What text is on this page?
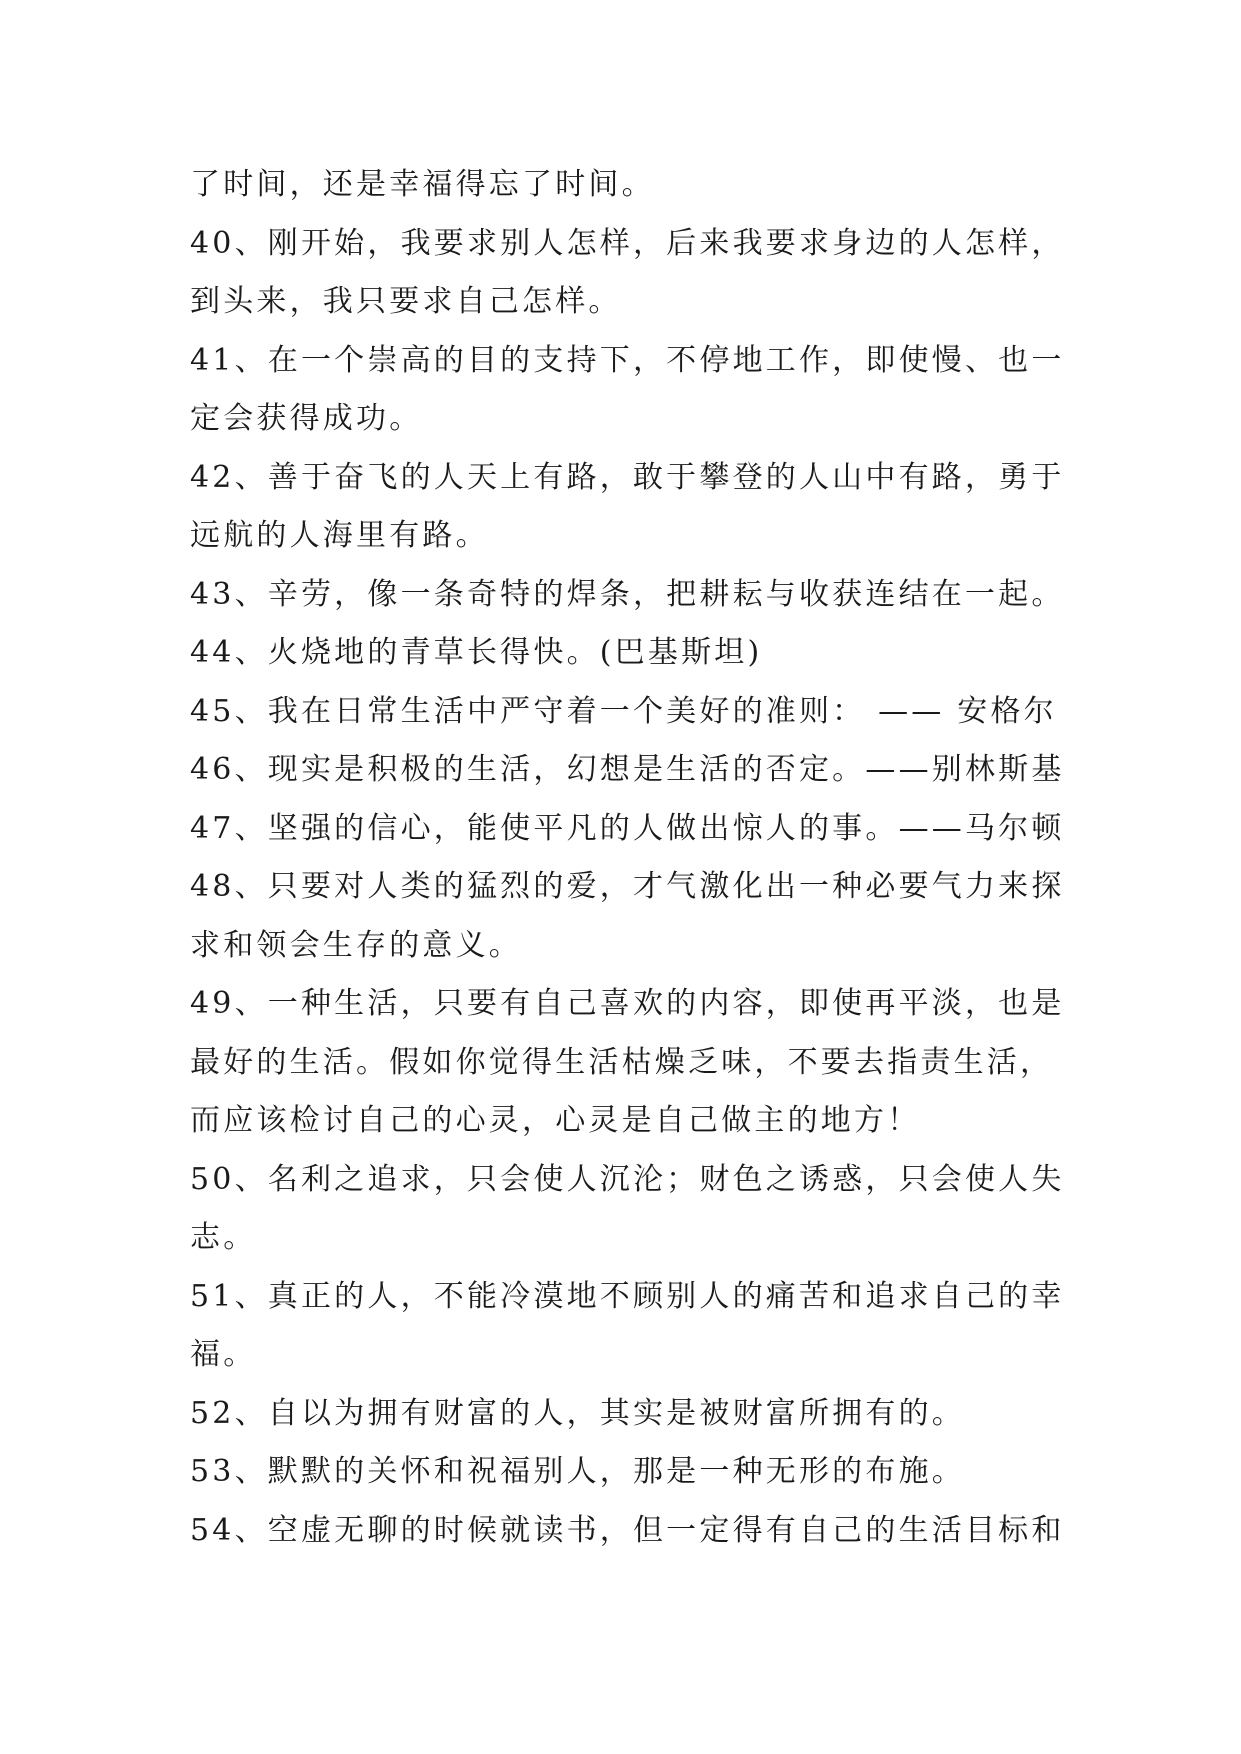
了时间，还是幸福得忘了时间。
40、刚开始，我要求别人怎样，后来我要求身边的人怎样，
到头来，我只要求自己怎样。
41、在一个崇高的目的支持下，不停地工作，即使慢、也一
定会获得成功。
42、善于奋飞的人天上有路，敢于攀登的人山中有路，勇于
远航的人海里有路。
43、辛劳，像一条奇特的焊条，把耕耘与收获连结在一起。
44、火烧地的青草长得快。(巴基斯坦)
45、我在日常生活中严守着一个美好的准则： —— 安格尔
46、现实是积极的生活，幻想是生活的否定。——别林斯基
47、坚强的信心，能使平凡的人做出惊人的事。——马尔顿
48、只要对人类的猛烈的爱，才气激化出一种必要气力来探
求和领会生存的意义。
49、一种生活，只要有自己喜欢的内容，即使再平淡，也是
最好的生活。假如你觉得生活枯燥乏味，不要去指责生活，
而应该检讨自己的心灵，心灵是自己做主的地方！
50、名利之追求，只会使人沉沦；财色之诱惑，只会使人失
志。
51、真正的人，不能冷漠地不顾别人的痛苦和追求自己的幸
福。
52、自以为拥有财富的人，其实是被财富所拥有的。
53、默默的关怀和祝福别人，那是一种无形的布施。
54、空虚无聊的时候就读书，但一定得有自己的生活目标和
